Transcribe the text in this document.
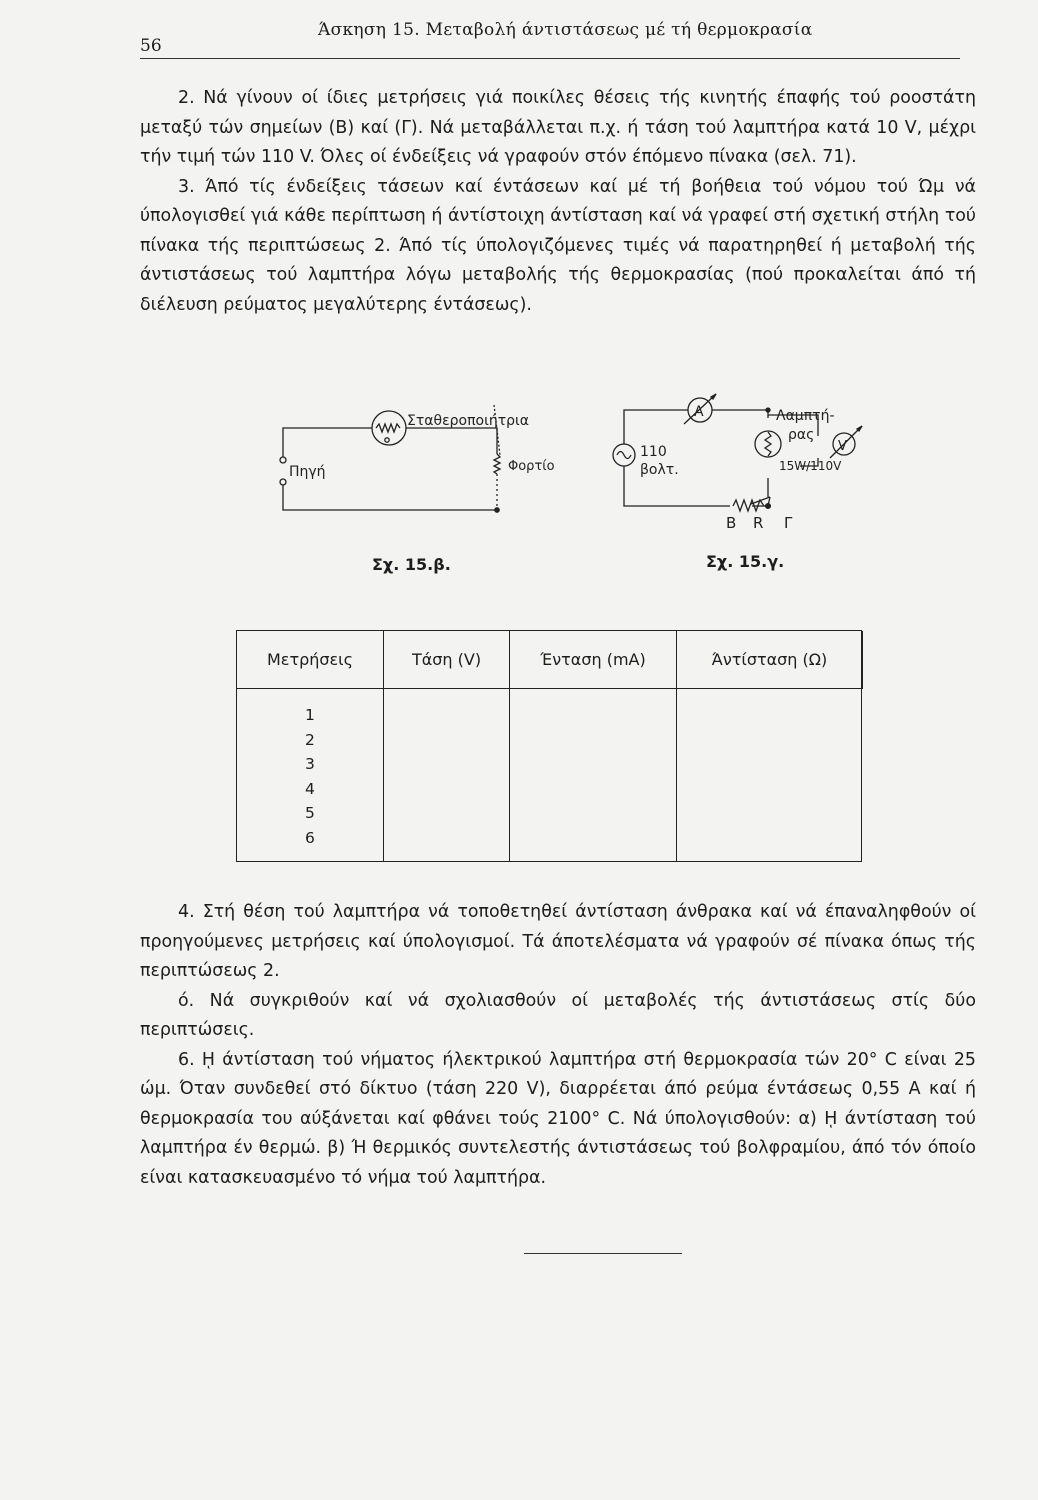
56
Άσκηση 15. Μεταβολή άντιστάσεως μέ τή θερμοκρασία

2. Νά γίνουν οί ίδιες μετρήσεις γιά ποικίλες θέσεις τής κινητής έπαφής τού ροοστάτη μεταξύ τών σημείων (Β) καί (Γ). Νά μεταβάλλεται π.χ. ή τάση τού λαμπτήρα κατά 10 V, μέχρι τήν τιμή τών 110 V. Όλες οί ένδείξεις νά γραφούν στόν έπόμενο πίνακα (σελ. 71).

3. Άπό τίς ένδείξεις τάσεων καί έντάσεων καί μέ τή βοήθεια τού νόμου τού Ώμ νά ύπολογισθεί γιά κάθε περίπτωση ή άντίστοιχη άντίσταση καί νά γραφεί στή σχετική στήλη τού πίνακα τής περιπτώσεως 2. Άπό τίς ύπολογιζόμενες τιμές νά παρατηρηθεί ή μεταβολή τής άντιστάσεως τού λαμπτήρα λόγω μεταβολής τής θερμοκρασίας (πού προκαλείται άπό τή διέλευση ρεύματος μεγαλύτερης έντάσεως).

Πηγή
Σταθεροποιήτρια
Φορτίο
A
V
110
βολτ.
Λαμπτή-
ρας
15W/110V
B R Γ
Σχ. 15.β.	Σχ. 15.γ.
Μετρήσεις	Τάση (V)	Ένταση (mA)	Άντίσταση (Ω)
1
2
3
4
5
6

4. Στή θέση τού λαμπτήρα νά τοποθετηθεί άντίσταση άνθρακα καί νά έπαναληφθούν οί προηγούμενες μετρήσεις καί ύπολογισμοί. Τά άποτελέσματα νά γραφούν σέ πίνακα όπως τής περιπτώσεως 2.

ό. Νά συγκριθούν καί νά σχολιασθούν οί μεταβολές τής άντιστάσεως στίς δύο περιπτώσεις.

6. ῌ άντίσταση τού νήματος ήλεκτρικού λαμπτήρα στή θερμοκρασία τών 20° C είναι 25 ώμ. Όταν συνδεθεί στό δίκτυο (τάση 220 V), διαρρέεται άπό ρεύμα έντάσεως 0,55 A καί ή θερμοκρασία του αύξάνεται καί φθάνει τούς 2100° C. Νά ύπολογισθούν: α) ῌ άντίσταση τού λαμπτήρα έν θερμώ. β) Ή θερμικός συντελεστής άντιστάσεως τού βολφραμίου, άπό τόν όποίο είναι κατασκευασμένο τό νήμα τού λαμπτήρα.
